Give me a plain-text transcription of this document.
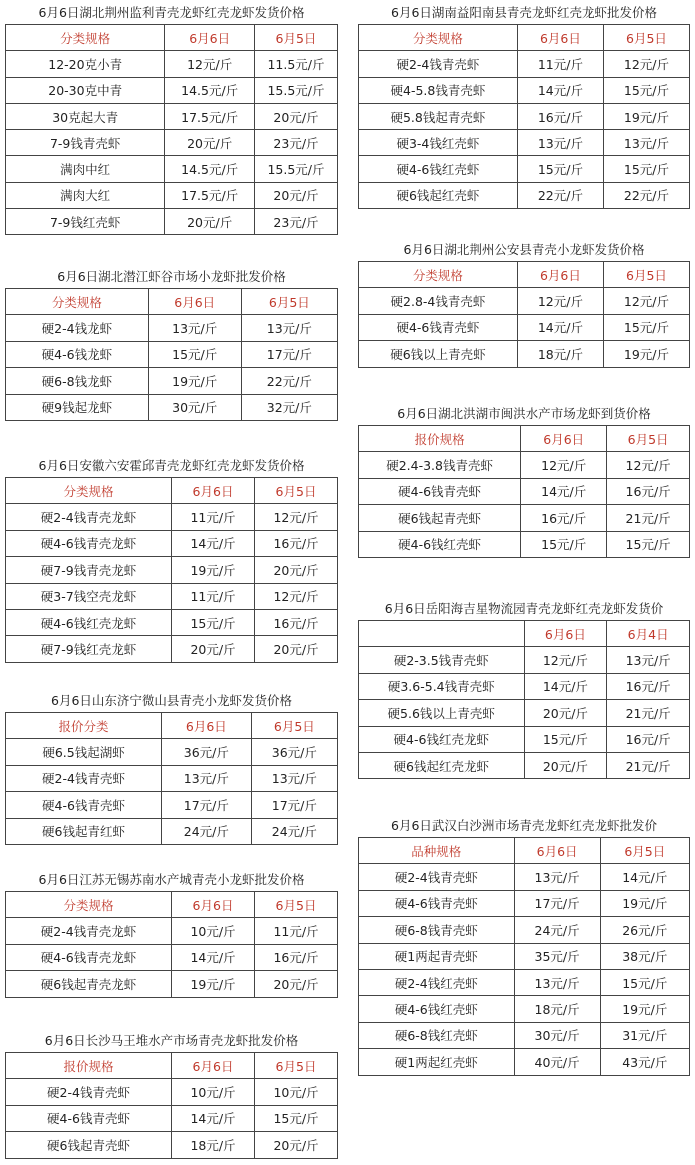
6月6日湖北荆州监利青壳龙虾红壳龙虾发货价格
分类规格	6月6日	6月5日
12-20克小青	12元/斤	11.5元/斤
20-30克中青	14.5元/斤	15.5元/斤
30克起大青	17.5元/斤	20元/斤
7-9钱青壳虾	20元/斤	23元/斤
满肉中红	14.5元/斤	15.5元/斤
满肉大红	17.5元/斤	20元/斤
7-9钱红壳虾	20元/斤	23元/斤
6月6日湖北潜江虾谷市场小龙虾批发价格
分类规格	6月6日	6月5日
硬2-4钱龙虾	13元/斤	13元/斤
硬4-6钱龙虾	15元/斤	17元/斤
硬6-8钱龙虾	19元/斤	22元/斤
硬9钱起龙虾	30元/斤	32元/斤
6月6日安徽六安霍邱青壳龙虾红壳龙虾发货价格
分类规格	6月6日	6月5日
硬2-4钱青壳龙虾	11元/斤	12元/斤
硬4-6钱青壳龙虾	14元/斤	16元/斤
硬7-9钱青壳龙虾	19元/斤	20元/斤
硬3-7钱空壳龙虾	11元/斤	12元/斤
硬4-6钱红壳龙虾	15元/斤	16元/斤
硬7-9钱红壳龙虾	20元/斤	20元/斤
6月6日山东济宁微山县青壳小龙虾发货价格
报价分类	6月6日	6月5日
硬6.5钱起湖虾	36元/斤	36元/斤
硬2-4钱青壳虾	13元/斤	13元/斤
硬4-6钱青壳虾	17元/斤	17元/斤
硬6钱起青红虾	24元/斤	24元/斤
6月6日江苏无锡苏南水产城青壳小龙虾批发价格
分类规格	6月6日	6月5日
硬2-4钱青壳龙虾	10元/斤	11元/斤
硬4-6钱青壳龙虾	14元/斤	16元/斤
硬6钱起青壳龙虾	19元/斤	20元/斤
6月6日长沙马王堆水产市场青壳龙虾批发价格
报价规格	6月6日	6月5日
硬2-4钱青壳虾	10元/斤	10元/斤
硬4-6钱青壳虾	14元/斤	15元/斤
硬6钱起青壳虾	18元/斤	20元/斤
6月6日湖南益阳南县青壳龙虾红壳龙虾批发价格
分类规格	6月6日	6月5日
硬2-4钱青壳虾	11元/斤	12元/斤
硬4-5.8钱青壳虾	14元/斤	15元/斤
硬5.8钱起青壳虾	16元/斤	19元/斤
硬3-4钱红壳虾	13元/斤	13元/斤
硬4-6钱红壳虾	15元/斤	15元/斤
硬6钱起红壳虾	22元/斤	22元/斤
6月6日湖北荆州公安县青壳小龙虾发货价格
分类规格	6月6日	6月5日
硬2.8-4钱青壳虾	12元/斤	12元/斤
硬4-6钱青壳虾	14元/斤	15元/斤
硬6钱以上青壳虾	18元/斤	19元/斤
6月6日湖北洪湖市闽洪水产市场龙虾到货价格
报价规格	6月6日	6月5日
硬2.4-3.8钱青壳虾	12元/斤	12元/斤
硬4-6钱青壳虾	14元/斤	16元/斤
硬6钱起青壳虾	16元/斤	21元/斤
硬4-6钱红壳虾	15元/斤	15元/斤
6月6日岳阳海吉星物流园青壳龙虾红壳龙虾发货价
	6月6日	6月4日
硬2-3.5钱青壳虾	12元/斤	13元/斤
硬3.6-5.4钱青壳虾	14元/斤	16元/斤
硬5.6钱以上青壳虾	20元/斤	21元/斤
硬4-6钱红壳龙虾	15元/斤	16元/斤
硬6钱起红壳龙虾	20元/斤	21元/斤
6月6日武汉白沙洲市场青壳龙虾红壳龙虾批发价
品种规格	6月6日	6月5日
硬2-4钱青壳虾	13元/斤	14元/斤
硬4-6钱青壳虾	17元/斤	19元/斤
硬6-8钱青壳虾	24元/斤	26元/斤
硬1两起青壳虾	35元/斤	38元/斤
硬2-4钱红壳虾	13元/斤	15元/斤
硬4-6钱红壳虾	18元/斤	19元/斤
硬6-8钱红壳虾	30元/斤	31元/斤
硬1两起红壳虾	40元/斤	43元/斤
